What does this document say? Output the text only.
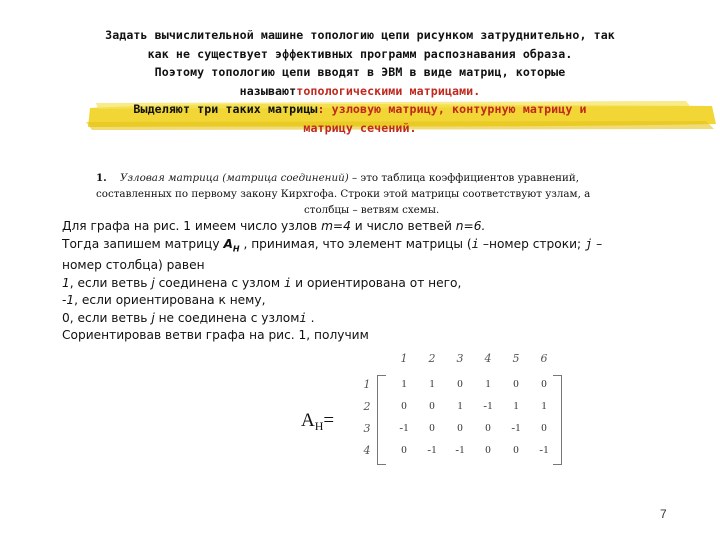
Задать вычислительной машине топологию цепи рисунком затруднительно, так
как не существует эффективных программ распознавания образа.
Поэтому топологию цепи вводят в ЭВМ в виде матриц, которые
называюттопологическими матрицами.
Выделяют три таких матрицы: узловую матрицу, контурную матрицу и
матрицу сечений.
1. Узловая матрица (матрица соединений) – это таблица коэффициентов уравнений,
составленных по первому закону Кирхгофа. Строки этой матрицы соответствуют узлам, а
столбцы – ветвям схемы.
Для графа на рис. 1 имеем число узлов m=4 и число ветвей n=6.
Тогда запишем матрицу $A_H$ , принимая, что элемент матрицы (i –номер строки; j –
номер столбца) равен
1, если ветвь j соединена с узлом i и ориентирована от него,
-1, если ориентирована к нему,
0, если ветвь j не соединена с узломi .
Сориентировав ветви графа на рис. 1, получим
$A_H=$
1	2	3	4	5	6
1	1	1	0	1	0	0
2	0	0	1	-1	1	1
3	-1	0	0	0	-1	0
4	0	-1	-1	0	0	-1
7
